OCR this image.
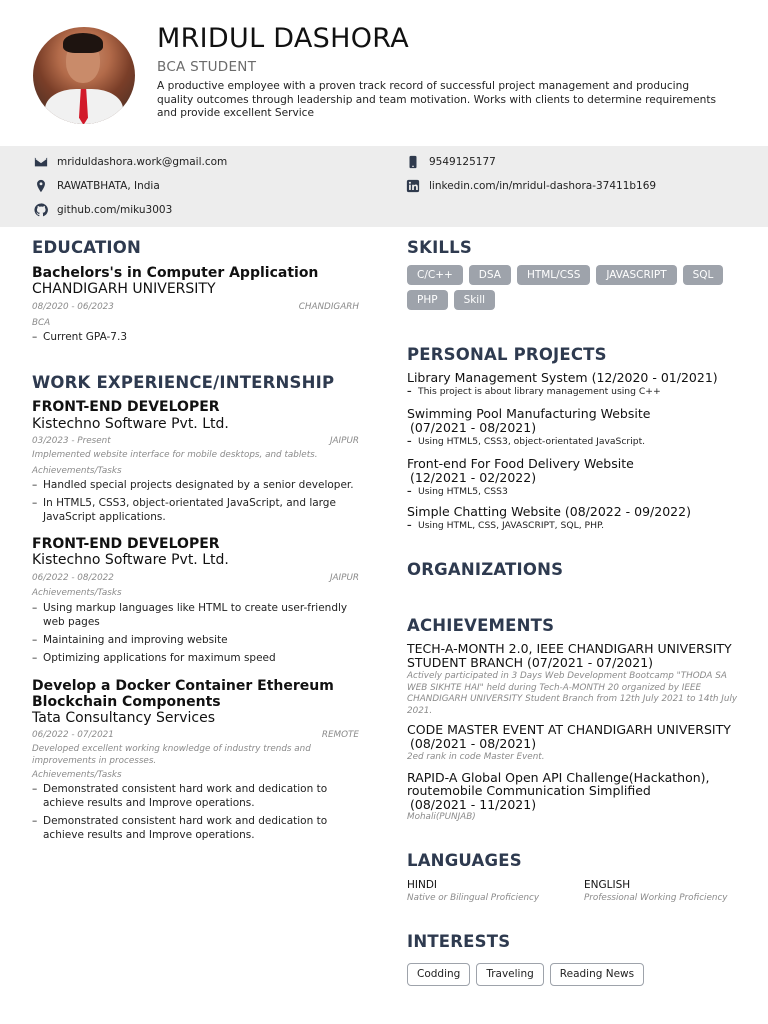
MRIDUL DASHORA
BCA STUDENT
A productive employee with a proven track record of successful project management and producing quality outcomes through leadership and team motivation. Works with clients to determine requirements and provide excellent Service
mriduldashora.work@gmail.com	9549125177
RAWATBHATA, India	linkedin.com/in/mridul-dashora-37411b169
github.com/miku3003
EDUCATION
Bachelors's in Computer Application
CHANDIGARH UNIVERSITY
08/2020 - 06/2023	CHANDIGARH
BCA
– Current GPA-7.3
WORK EXPERIENCE/INTERNSHIP
FRONT-END DEVELOPER
Kistechno Software Pvt. Ltd.
03/2023 - Present	JAIPUR
Implemented website interface for mobile desktops, and tablets.
Achievements/Tasks
– Handled special projects designated by a senior developer.
– In HTML5, CSS3, object-orientated JavaScript, and large JavaScript applications.
FRONT-END DEVELOPER
Kistechno Software Pvt. Ltd.
06/2022 - 08/2022	JAIPUR
Achievements/Tasks
– Using markup languages like HTML to create user-friendly web pages
– Maintaining and improving website
– Optimizing applications for maximum speed
Develop a Docker Container Ethereum Blockchain Components
Tata Consultancy Services
06/2022 - 07/2021	REMOTE
Developed excellent working knowledge of industry trends and improvements in processes.
Achievements/Tasks
– Demonstrated consistent hard work and dedication to achieve results and Improve operations.
– Demonstrated consistent hard work and dedication to achieve results and Improve operations.
SKILLS
C/C++	DSA	HTML/CSS	JAVASCRIPT	SQL
PHP	Skill
PERSONAL PROJECTS
Library Management System (12/2020 - 01/2021)
– This project is about library management using C++
Swimming Pool Manufacturing Website
(07/2021 - 08/2021)
– Using HTML5, CSS3, object-orientated JavaScript.
Front-end For Food Delivery Website
(12/2021 - 02/2022)
– Using HTML5, CSS3
Simple Chatting Website (08/2022 - 09/2022)
– Using HTML, CSS, JAVASCRIPT, SQL, PHP.
ORGANIZATIONS
ACHIEVEMENTS
TECH-A-MONTH 2.0, IEEE CHANDIGARH UNIVERSITY
STUDENT BRANCH (07/2021 - 07/2021)
Actively participated in 3 Days Web Development Bootcamp "THODA SA WEB SIKHTE HAI" held during Tech-A-MONTH 20 organized by IEEE CHANDIGARH UNIVERSITY Student Branch from 12th July 2021 to 14th July 2021.
CODE MASTER EVENT AT CHANDIGARH UNIVERSITY
(08/2021 - 08/2021)
2ed rank in code Master Event.
RAPID-A Global Open API Challenge(Hackathon),
routemobile Communication Simplified
(08/2021 - 11/2021)
Mohali(PUNJAB)
LANGUAGES
HINDI
Native or Bilingual Proficiency
ENGLISH
Professional Working Proficiency
INTERESTS
Codding	Traveling	Reading News
